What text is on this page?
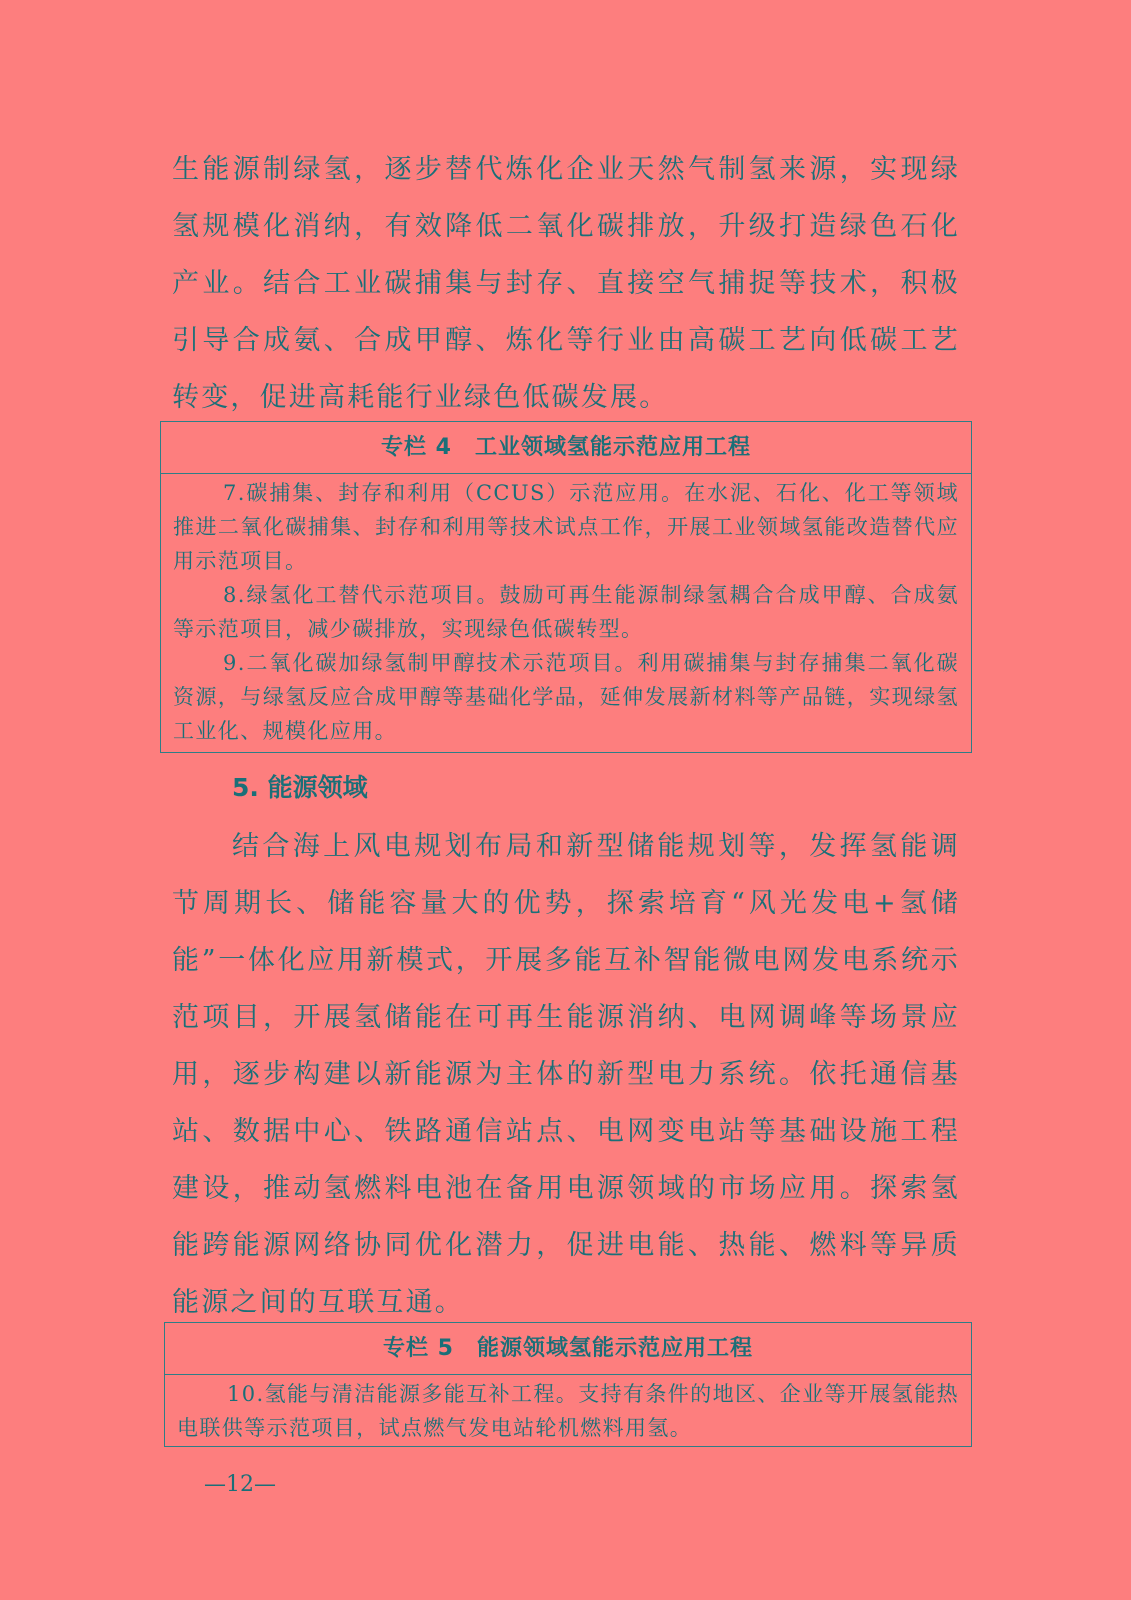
生能源制绿氢，逐步替代炼化企业天然气制氢来源，实现绿氢规模化消纳，有效降低二氧化碳排放，升级打造绿色石化产业。结合工业碳捕集与封存、直接空气捕捉等技术，积极引导合成氨、合成甲醇、炼化等行业由高碳工艺向低碳工艺转变，促进高耗能行业绿色低碳发展。

专栏 4　工业领域氢能示范应用工程

7.碳捕集、封存和利用（CCUS）示范应用。在水泥、石化、化工等领域推进二氧化碳捕集、封存和利用等技术试点工作，开展工业领域氢能改造替代应用示范项目。

8.绿氢化工替代示范项目。鼓励可再生能源制绿氢耦合合成甲醇、合成氨等示范项目，减少碳排放，实现绿色低碳转型。

9.二氧化碳加绿氢制甲醇技术示范项目。利用碳捕集与封存捕集二氧化碳资源，与绿氢反应合成甲醇等基础化学品，延伸发展新材料等产品链，实现绿氢工业化、规模化应用。

5. 能源领域

结合海上风电规划布局和新型储能规划等，发挥氢能调节周期长、储能容量大的优势，探索培育“风光发电+氢储能”一体化应用新模式，开展多能互补智能微电网发电系统示范项目，开展氢储能在可再生能源消纳、电网调峰等场景应用，逐步构建以新能源为主体的新型电力系统。依托通信基站、数据中心、铁路通信站点、电网变电站等基础设施工程建设，推动氢燃料电池在备用电源领域的市场应用。探索氢能跨能源网络协同优化潜力，促进电能、热能、燃料等异质能源之间的互联互通。

专栏 5　能源领域氢能示范应用工程

10.氢能与清洁能源多能互补工程。支持有条件的地区、企业等开展氢能热电联供等示范项目，试点燃气发电站轮机燃料用氢。

—12—
